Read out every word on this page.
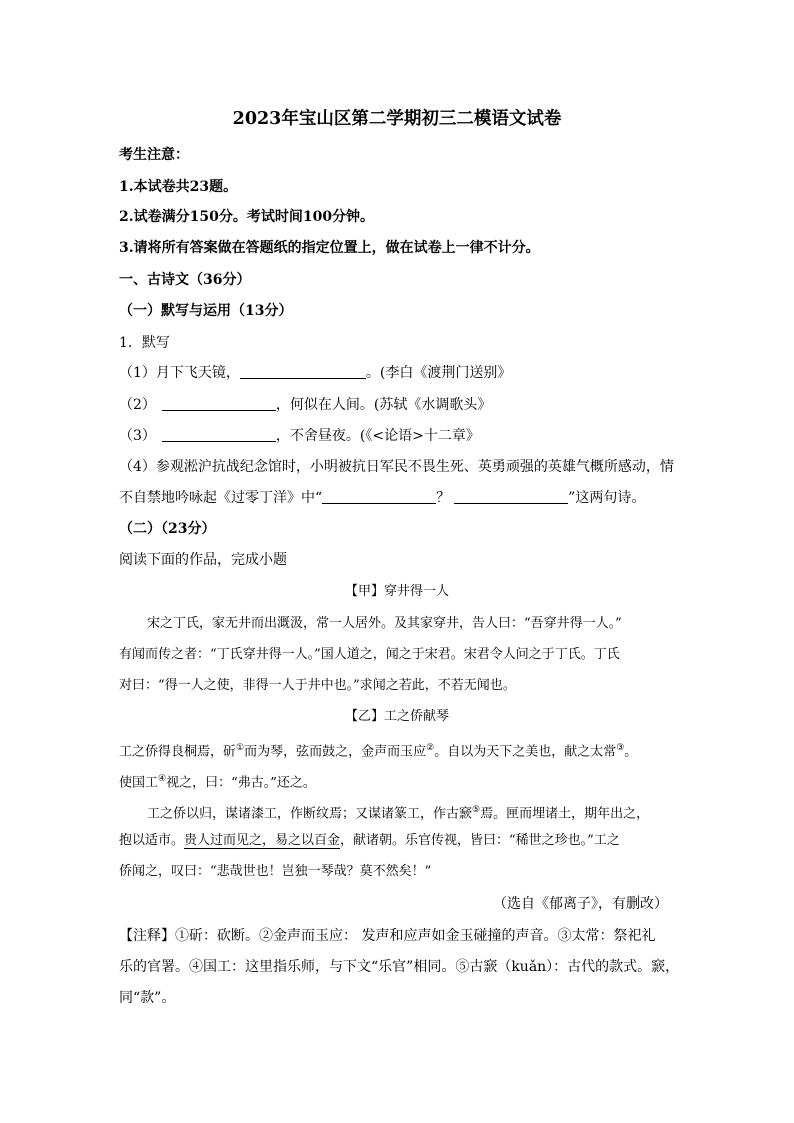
2023年宝山区第二学期初三二模语文试卷
考生注意：
1.本试卷共23题。
2.试卷满分150分。考试时间100分钟。
3.请将所有答案做在答题纸的指定位置上，做在试卷上一律不计分。
一、古诗文（36分）
（一）默写与运用（13分）
1．默写
（1）月下飞天镜，	。(李白《渡荆门送别》
（2）	，何似在人间。(苏轼《水调歌头》
（3）	，不舍昼夜。(《<论语>十二章》
（4）参观淞沪抗战纪念馆时，小明被抗日军民不畏生死、英勇顽强的英雄气概所感动，情
不自禁地吟咏起《过零丁洋》中“	？	”这两句诗。
（二）（23分）
阅读下面的作品，完成小题
【甲】穿井得一人
宋之丁氏，家无井而出溉汲，常一人居外。及其家穿井，告人曰：“吾穿井得一人。”
有闻而传之者：“丁氏穿井得一人。”国人道之，闻之于宋君。宋君令人问之于丁氏。丁氏
对曰：“得一人之使，非得一人于井中也。”求闻之若此，不若无闻也。
【乙】工之侨献琴
工之侨得良桐焉，斫①而为琴，弦而鼓之，金声而玉应②。自以为天下之美也，献之太常③。
使国工④视之，曰：“弗古。”还之。
工之侨以归，谋诸漆工，作断纹焉；又谋诸篆工，作古窾⑤焉。匣而埋诸土，期年出之，
抱以适市。贵人过而见之，易之以百金，献诸朝。乐官传视，皆曰：“稀世之珍也。”工之
侨闻之，叹曰：“悲哉世也！岂独一琴哉？莫不然矣！”
（选自《郁离子》，有删改）
【注释】①斫：砍断。②金声而玉应： 发声和应声如金玉碰撞的声音。③太常：祭祀礼
乐的官署。④国工：这里指乐师，与下文“乐官”相同。⑤古窾（kuǎn）：古代的款式。窾，
同“款”。
